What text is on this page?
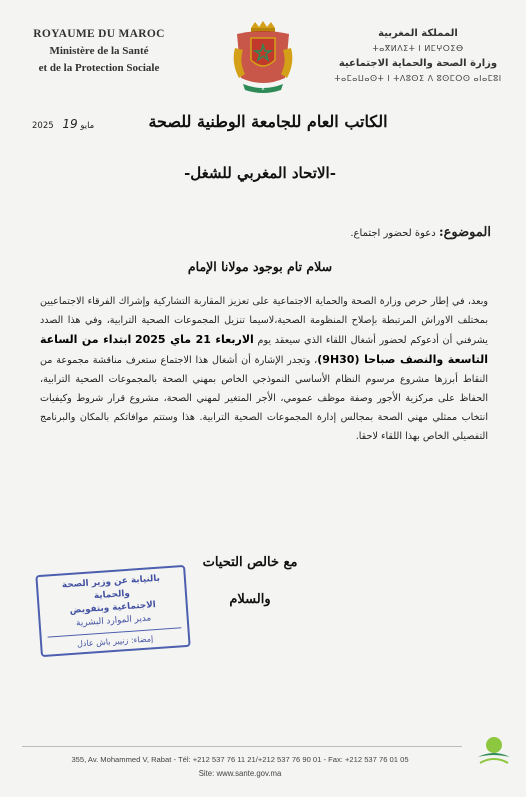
ROYAUME DU MAROC
Ministère de la Santé
et de la Protection Sociale
ⵣ
المملكة المغربية
ⵜⴰⴳⵍⴷⵉⵜ ⵏ ⵍⵎⵖⵔⵉⴱ
وزارة الصحة والحماية الاجتماعية
ⵜⴰⵎⴰⵡⴰⵙⵜ ⵏ ⵜⴷⵓⵙⵉ ⴷ ⵓⵙⵎⵔⵙ ⴰⵏⴰⵎⵓⵏ
2025 مايو 19	الكاتب العام للجامعة الوطنية للصحة
-الاتحاد المغربي للشغل-
الموضوع: دعوة لحضور اجتماع.
سلام تام بوجود مولانا الإمام

وبعد، في إطار حرص وزارة الصحة والحماية الاجتماعية على تعزيز المقاربة التشاركية وإشراك الفرقاء الاجتماعيين بمختلف الاوراش المرتبطة بإصلاح المنظومة الصحية،لاسيما تنزيل المجموعات الصحية الترابية، وفي هذا الصدد يشرفني أن أدعوكم لحضور أشغال اللقاء الذي سيعقد يوم الاربعاء 21 ماي 2025 ابتداء من الساعة التاسعة والنصف صباحا (9H30)، وتجدر الإشارة أن أشغال هذا الاجتماع ستعرف مناقشة مجموعة من النقاط أبرزها مشروع مرسوم النظام الأساسي النموذجي الخاص بمهني الصحة بالمجموعات الصحية الترابية، الحفاظ على مركزية الأجور وصفة موظف عمومي، الأجر المتغير لمهني الصحة، مشروع قرار شروط وكيفيات انتخاب ممثلي مهني الصحة بمجالس إدارة المجموعات الصحية الترابية. هذا وستتم موافاتكم بالمكان والبرنامج التفصيلي الخاص بهذا اللقاء لاحقا.

مع خالص التحيات
والسلام
بالنيابة عن وزير الصحة والحماية
الاجتماعية وبتفويض
مدير الموارد البشرية
إمضاء: زنيبر باش عادل
355, Av. Mohammed V, Rabat - Tél: +212 537 76 11 21/+212 537 76 90 01 - Fax: +212 537 76 01 05
Site: www.sante.gov.ma
